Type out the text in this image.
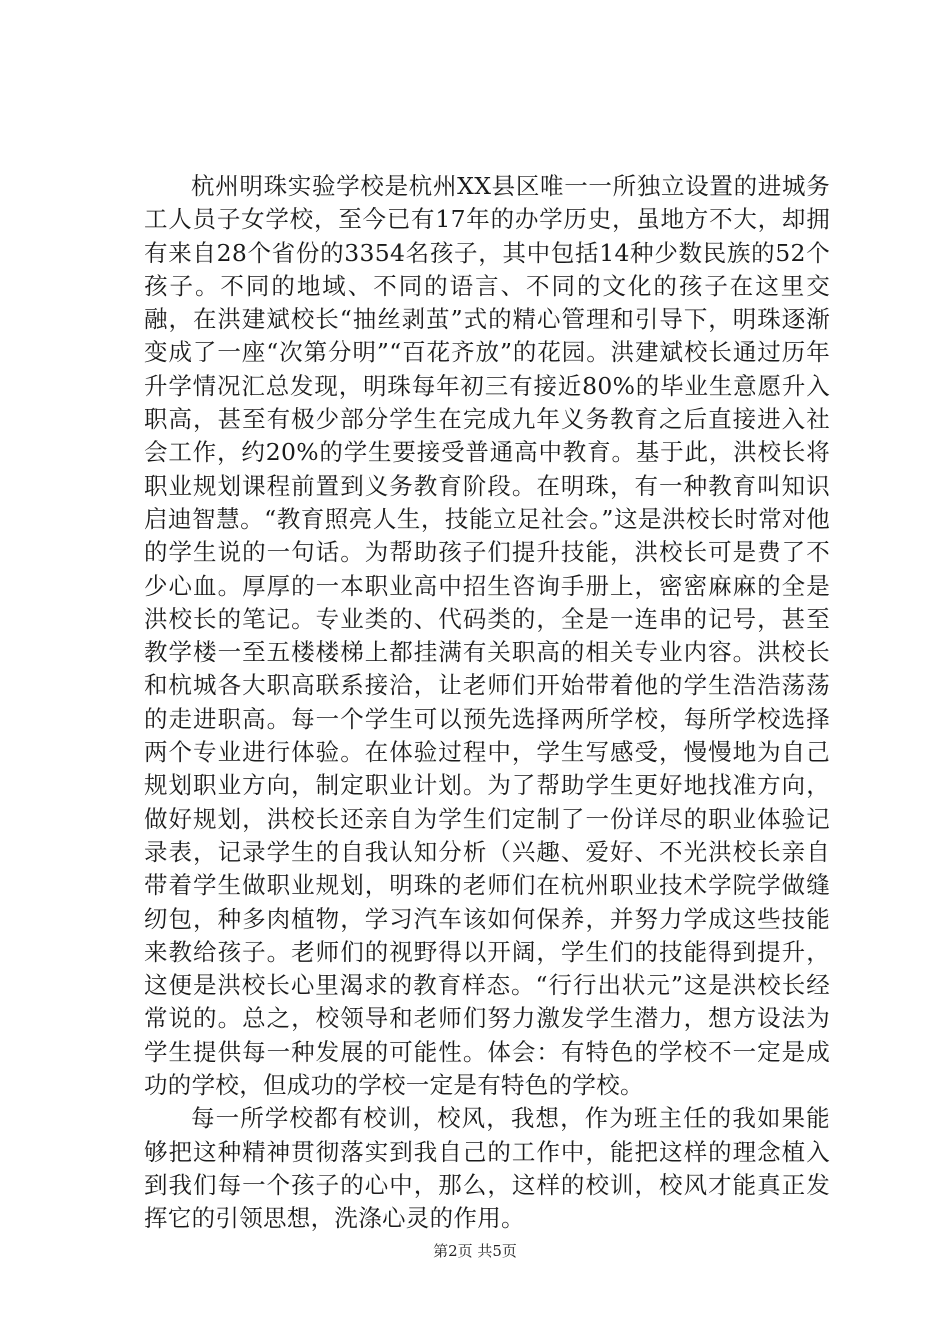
杭州明珠实验学校是杭州XX县区唯一一所独立设置的进城务工人员子女学校，至今已有17年的办学历史，虽地方不大，却拥有来自28个省份的3354名孩子，其中包括14种少数民族的52个孩子。不同的地域、不同的语言、不同的文化的孩子在这里交融，在洪建斌校长“抽丝剥茧”式的精心管理和引导下，明珠逐渐变成了一座“次第分明”“百花齐放”的花园。洪建斌校长通过历年升学情况汇总发现，明珠每年初三有接近80%的毕业生意愿升入职高，甚至有极少部分学生在完成九年义务教育之后直接进入社会工作，约20%的学生要接受普通高中教育。基于此，洪校长将职业规划课程前置到义务教育阶段。在明珠，有一种教育叫知识启迪智慧。“教育照亮人生，技能立足社会。”这是洪校长时常对他的学生说的一句话。为帮助孩子们提升技能，洪校长可是费了不少心血。厚厚的一本职业高中招生咨询手册上，密密麻麻的全是洪校长的笔记。专业类的、代码类的，全是一连串的记号，甚至教学楼一至五楼楼梯上都挂满有关职高的相关专业内容。洪校长和杭城各大职高联系接洽，让老师们开始带着他的学生浩浩荡荡的走进职高。每一个学生可以预先选择两所学校，每所学校选择两个专业进行体验。在体验过程中，学生写感受，慢慢地为自己规划职业方向，制定职业计划。为了帮助学生更好地找准方向，做好规划，洪校长还亲自为学生们定制了一份详尽的职业体验记录表，记录学生的自我认知分析（兴趣、爱好、不光洪校长亲自带着学生做职业规划，明珠的老师们在杭州职业技术学院学做缝纫包，种多肉植物，学习汽车该如何保养，并努力学成这些技能来教给孩子。老师们的视野得以开阔，学生们的技能得到提升，这便是洪校长心里渴求的教育样态。“行行出状元”这是洪校长经常说的。总之，校领导和老师们努力激发学生潜力，想方设法为学生提供每一种发展的可能性。体会：有特色的学校不一定是成功的学校，但成功的学校一定是有特色的学校。

每一所学校都有校训，校风，我想，作为班主任的我如果能够把这种精神贯彻落实到我自己的工作中，能把这样的理念植入到我们每一个孩子的心中，那么，这样的校训，校风才能真正发挥它的引领思想，洗涤心灵的作用。

第2页 共5页
